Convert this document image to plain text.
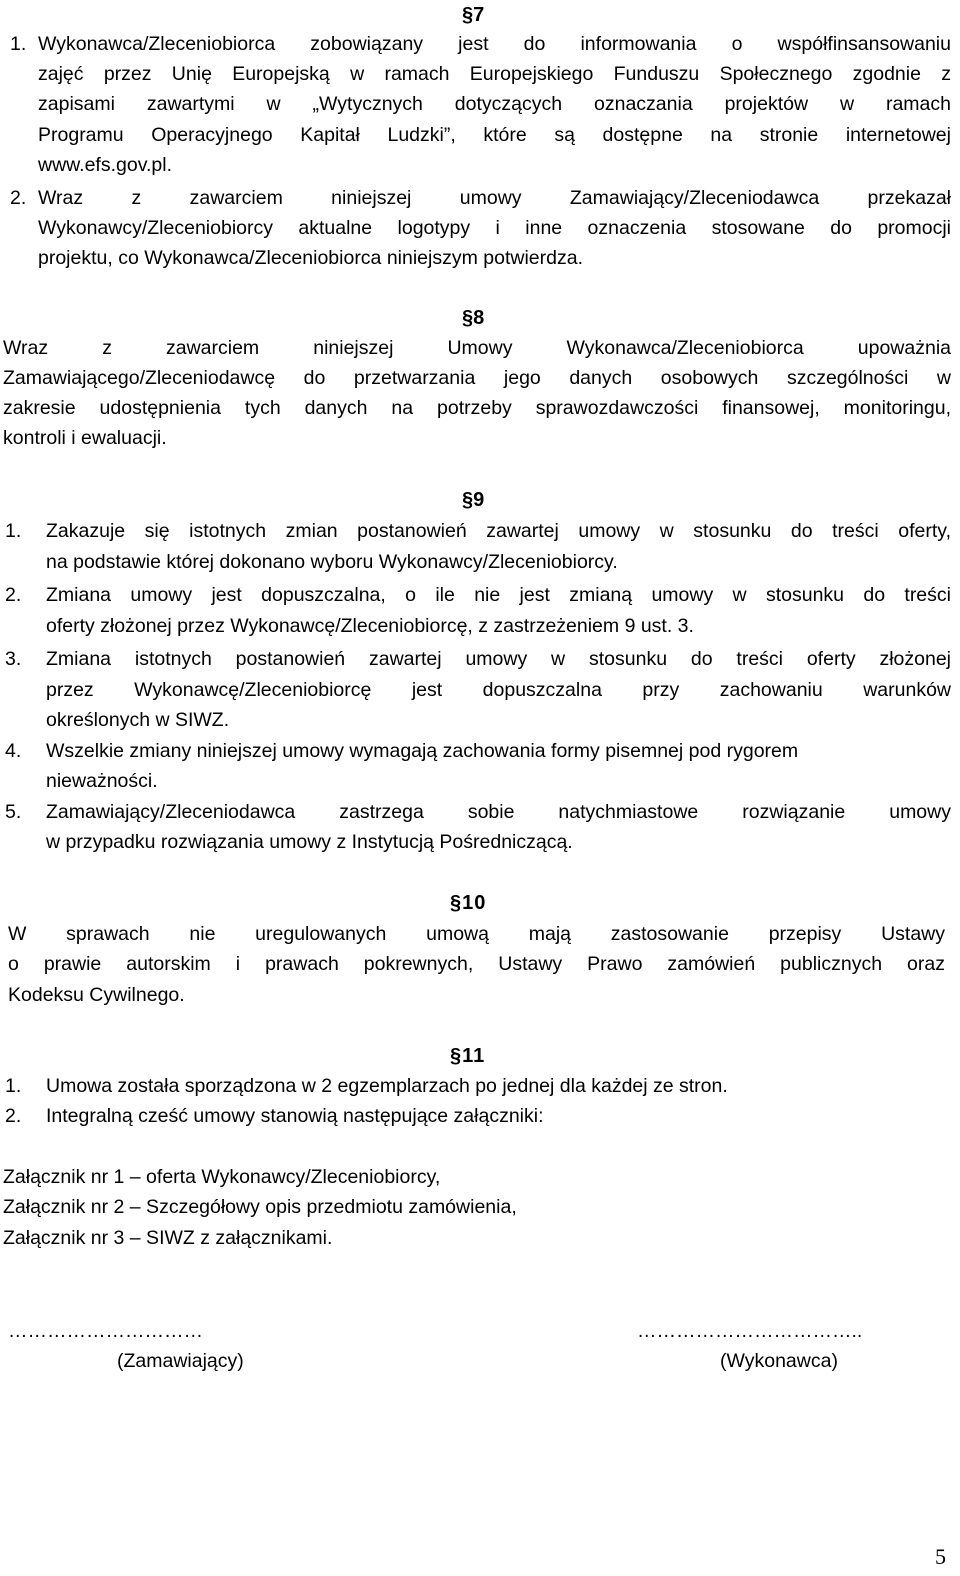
§7
1. Wykonawca/Zleceniobiorca zobowiązany jest do informowania o współfinsansowaniu
zajęć przez Unię Europejską w ramach Europejskiego Funduszu Społecznego zgodnie z
zapisami zawartymi w „Wytycznych dotyczących oznaczania projektów w ramach
Programu Operacyjnego Kapitał Ludzki”, które są dostępne na stronie internetowej
www.efs.gov.pl.
2. Wraz z zawarciem niniejszej umowy Zamawiający/Zleceniodawca przekazał
Wykonawcy/Zleceniobiorcy aktualne logotypy i inne oznaczenia stosowane do promocji
projektu, co Wykonawca/Zleceniobiorca niniejszym potwierdza.
§8
Wraz z zawarciem niniejszej Umowy Wykonawca/Zleceniobiorca upoważnia
Zamawiającego/Zleceniodawcę do przetwarzania jego danych osobowych szczególności w
zakresie udostępnienia tych danych na potrzeby sprawozdawczości finansowej, monitoringu,
kontroli i ewaluacji.
§9
1. Zakazuje się istotnych zmian postanowień zawartej umowy w stosunku do treści oferty,
na podstawie której dokonano wyboru Wykonawcy/Zleceniobiorcy.
2. Zmiana umowy jest dopuszczalna, o ile nie jest zmianą umowy w stosunku do treści
oferty złożonej przez Wykonawcę/Zleceniobiorcę, z zastrzeżeniem 9 ust. 3.
3. Zmiana istotnych postanowień zawartej umowy w stosunku do treści oferty złożonej
przez Wykonawcę/Zleceniobiorcę jest dopuszczalna przy zachowaniu warunków
określonych w SIWZ.
4. Wszelkie zmiany niniejszej umowy wymagają zachowania formy pisemnej pod rygorem
nieważności.
5. Zamawiający/Zleceniodawca zastrzega sobie natychmiastowe rozwiązanie umowy
w przypadku rozwiązania umowy z Instytucją Pośredniczącą.
§10
W sprawach nie uregulowanych umową mają zastosowanie przepisy Ustawy
o prawie autorskim i prawach pokrewnych, Ustawy Prawo zamówień publicznych oraz
Kodeksu Cywilnego.
§11
1. Umowa została sporządzona w 2 egzemplarzach po jednej dla każdej ze stron.
2. Integralną cześć umowy stanowią następujące załączniki:
Załącznik nr 1 – oferta Wykonawcy/Zleceniobiorcy,
Załącznik nr 2 – Szczegółowy opis przedmiotu zamówienia,
Załącznik nr 3 – SIWZ z załącznikami.
…………………………
(Zamawiający)
……………………………..
(Wykonawca)
5
